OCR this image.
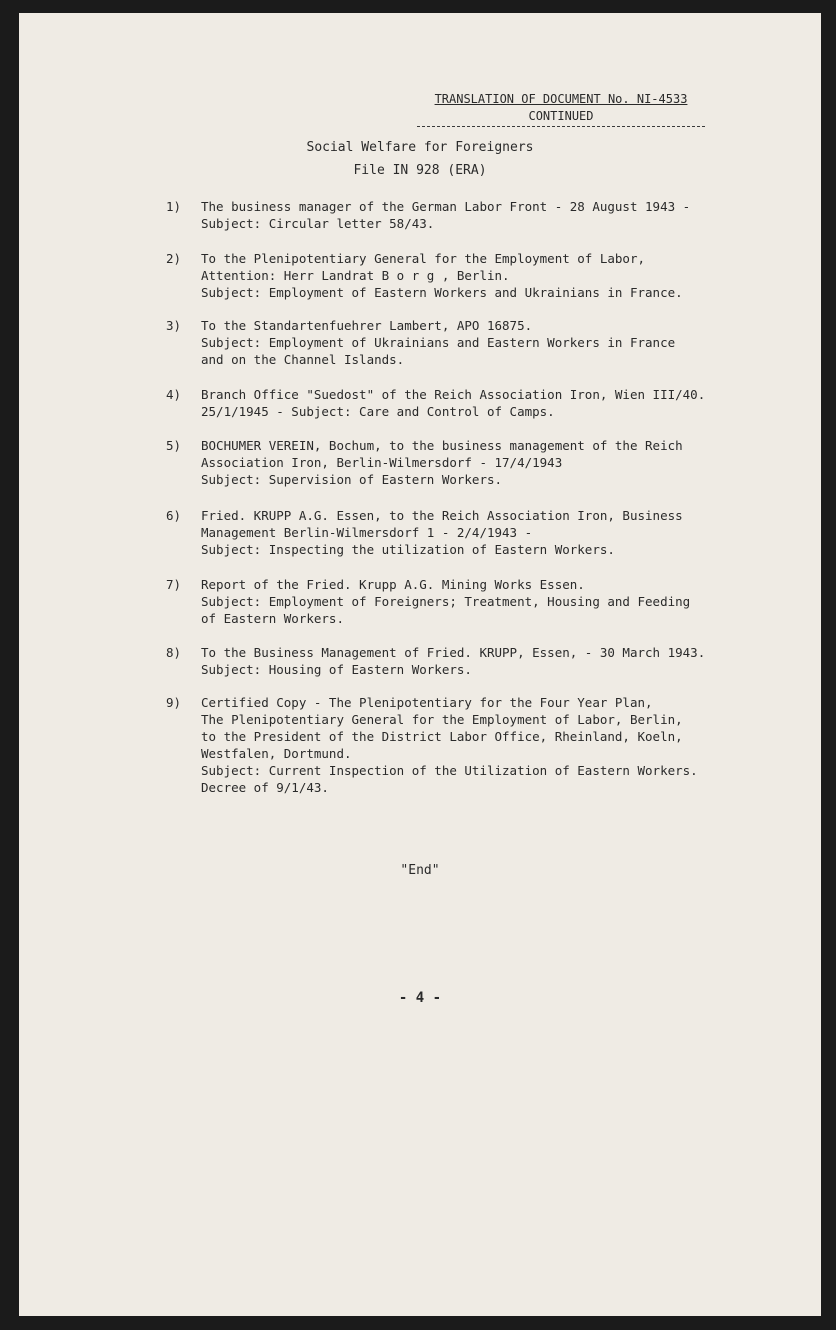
TRANSLATION OF DOCUMENT No. NI-4533
CONTINUED
Social Welfare for Foreigners
File IN 928 (ERA)
1)	The business manager of the German Labor Front - 28 August 1943 -
Subject: Circular letter 58/43.
2)	To the Plenipotentiary General for the Employment of Labor,
Attention: Herr Landrat B o r g , Berlin.
Subject: Employment of Eastern Workers and Ukrainians in France.
3)	To the Standartenfuehrer Lambert, APO 16875.
Subject: Employment of Ukrainians and Eastern Workers in France
and on the Channel Islands.
4)	Branch Office "Suedost" of the Reich Association Iron, Wien III/40.
25/1/1945 - Subject: Care and Control of Camps.
5)	BOCHUMER VEREIN, Bochum, to the business management of the Reich
Association Iron, Berlin-Wilmersdorf - 17/4/1943
Subject: Supervision of Eastern Workers.
6)	Fried. KRUPP A.G. Essen, to the Reich Association Iron, Business
Management Berlin-Wilmersdorf 1 - 2/4/1943 -
Subject: Inspecting the utilization of Eastern Workers.
7)	Report of the Fried. Krupp A.G. Mining Works Essen.
Subject: Employment of Foreigners; Treatment, Housing and Feeding
of Eastern Workers.
8)	To the Business Management of Fried. KRUPP, Essen, - 30 March 1943.
Subject: Housing of Eastern Workers.
9)	Certified Copy - The Plenipotentiary for the Four Year Plan,
The Plenipotentiary General for the Employment of Labor, Berlin,
to the President of the District Labor Office, Rheinland, Koeln,
Westfalen, Dortmund.
Subject: Current Inspection of the Utilization of Eastern Workers.
Decree of 9/1/43.
"End"
- 4 -
